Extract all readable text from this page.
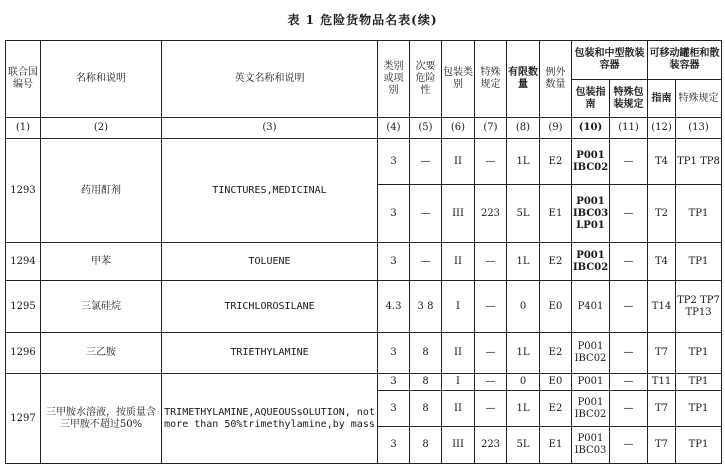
表 1 危险货物品名表(续)
联合国编号	名称和说明	英文名称和说明	类别或项别	次要危险性	包装类别	特殊规定	有限数量	例外数量	包装和中型散装容器		可移动罐柜和散装容器	
									包装指南	特殊包装规定	指南	特殊规定
(1)	(2)	(3)	(4)	(5)	(6)	(7)	(8)	(9)	(10)	(11)	(12)	(13)
1293	药用酊剂	TINCTURES,MEDICINAL	3	—	II	—	1L	E2	P001 IBC02	—	T4	TP1 TP8
			3	—	III	223	5L	E1	P001 IBC03 LP01	—	T2	TP1
1294	甲苯	TOLUENE	3	—	II	—	1L	E2	P001 IBC02	—	T4	TP1
1295	三氯硅烷	TRICHLOROSILANE	4.3	3 8	I	—	0	E0	P401	—	T14	TP2 TP7 TP13
1296	三乙胺	TRIETHYLAMINE	3	8	II	—	1L	E2	P001 IBC02	—	T7	TP1
1297	三甲胺水溶液，按质量含三甲胺不超过50%	TRIMETHYLAMINE,AQUEOUSsOLUTION, not more than 50%trimethylamine,by mass	3	8	I	—	0	E0	P001	—	T11	TP1
			3	8	II	—	1L	E2	P001 IBC02	—	T7	TP1
			3	8	III	223	5L	E1	P001 IBC03	—	T7	TP1
